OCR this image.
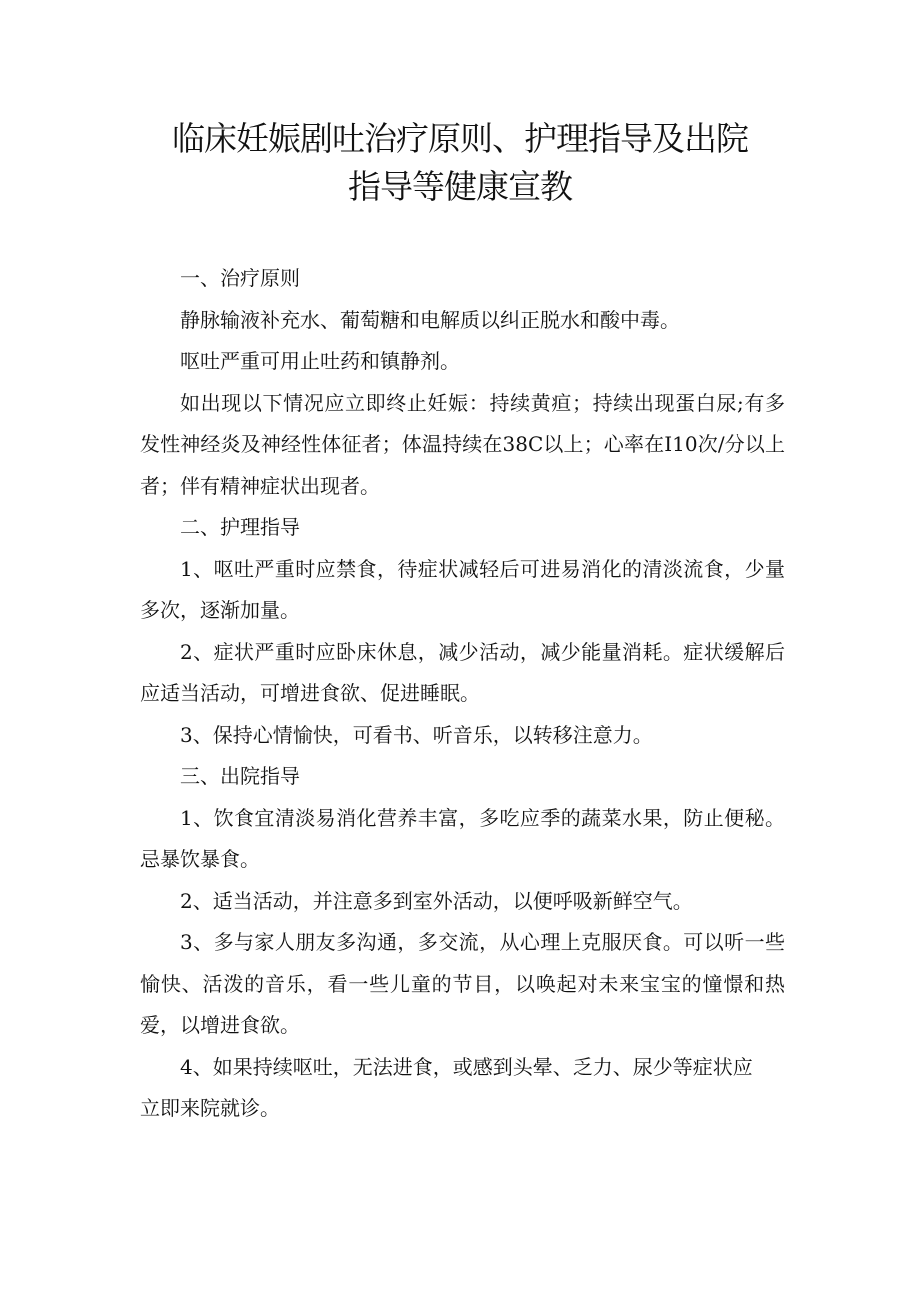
临床妊娠剧吐治疗原则、护理指导及出院
指导等健康宣教

一、治疗原则

静脉输液补充水、葡萄糖和电解质以纠正脱水和酸中毒。

呕吐严重可用止吐药和镇静剂。

如出现以下情况应立即终止妊娠：持续黄疸；持续出现蛋白尿;有多发性神经炎及神经性体征者；体温持续在38C以上；心率在I10次/分以上者；伴有精神症状出现者。

二、护理指导

1、呕吐严重时应禁食，待症状减轻后可进易消化的清淡流食，少量多次，逐渐加量。

2、症状严重时应卧床休息，减少活动，减少能量消耗。症状缓解后应适当活动，可增进食欲、促进睡眠。

3、保持心情愉快，可看书、听音乐，以转移注意力。

三、出院指导

1、饮食宜清淡易消化营养丰富，多吃应季的蔬菜水果，防止便秘。忌暴饮暴食。

2、适当活动，并注意多到室外活动，以便呼吸新鲜空气。

3、多与家人朋友多沟通，多交流，从心理上克服厌食。可以听一些愉快、活泼的音乐，看一些儿童的节目，以唤起对未来宝宝的憧憬和热爱，以增进食欲。

4、如果持续呕吐，无法进食，或感到头晕、乏力、尿少等症状应

立即来院就诊。
